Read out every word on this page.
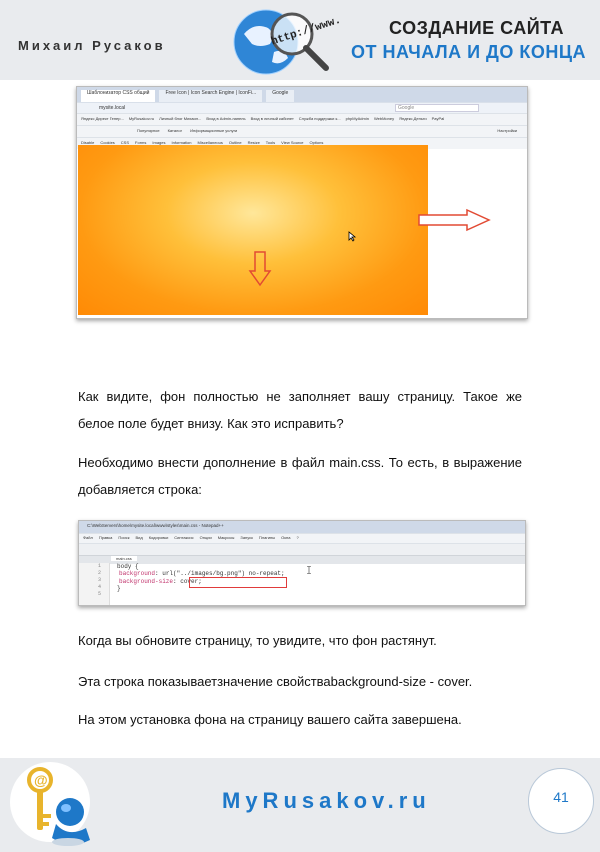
Михаил Русаков	http://www.	СОЗДАНИЕ САЙТА
ОТ НАЧАЛА И ДО КОНЦА
Шаблонизатор CSS общий	Free Icon | Icon Search Engine | IconFi...	Google
mysite.local	Google
Яндекс Директ Генер... MyRusakov.ru Личный блог Михаил... Вход в Admin-панель Вход в личный кабинет Служба поддержки к... phpMyAdmin WebMoney Яндекс.Деньги PayPal
Популярное Каталог Информационные услуги	Настройки
Disable Cookies CSS Forms Images Information Miscellaneous Outline Resize Tools View Source Options

Как видите, фон полностью не заполняет вашу страницу. Такое же белое поле будет внизу. Как это исправить?

Необходимо внести дополнение в файл main.css. То есть, в выражение добавляется строка:

C:\WebServers\home\mysite.local\www\styles\main.css - Notepad++
Файл Правка Поиск Вид Кодировки Синтаксис Опции Макросы Запуск Плагины Окна ?
main.css
1
2
3
4
5
body {
background: url("../images/bg.png") no-repeat;
background-size: cover;
}

Когда вы обновите страницу, то увидите, что фон растянут.

Эта строка показываетзначение свойстваbackground-size - cover.

На этом установка фона на страницу вашего сайта завершена.

@
MyRusakov.ru	41
